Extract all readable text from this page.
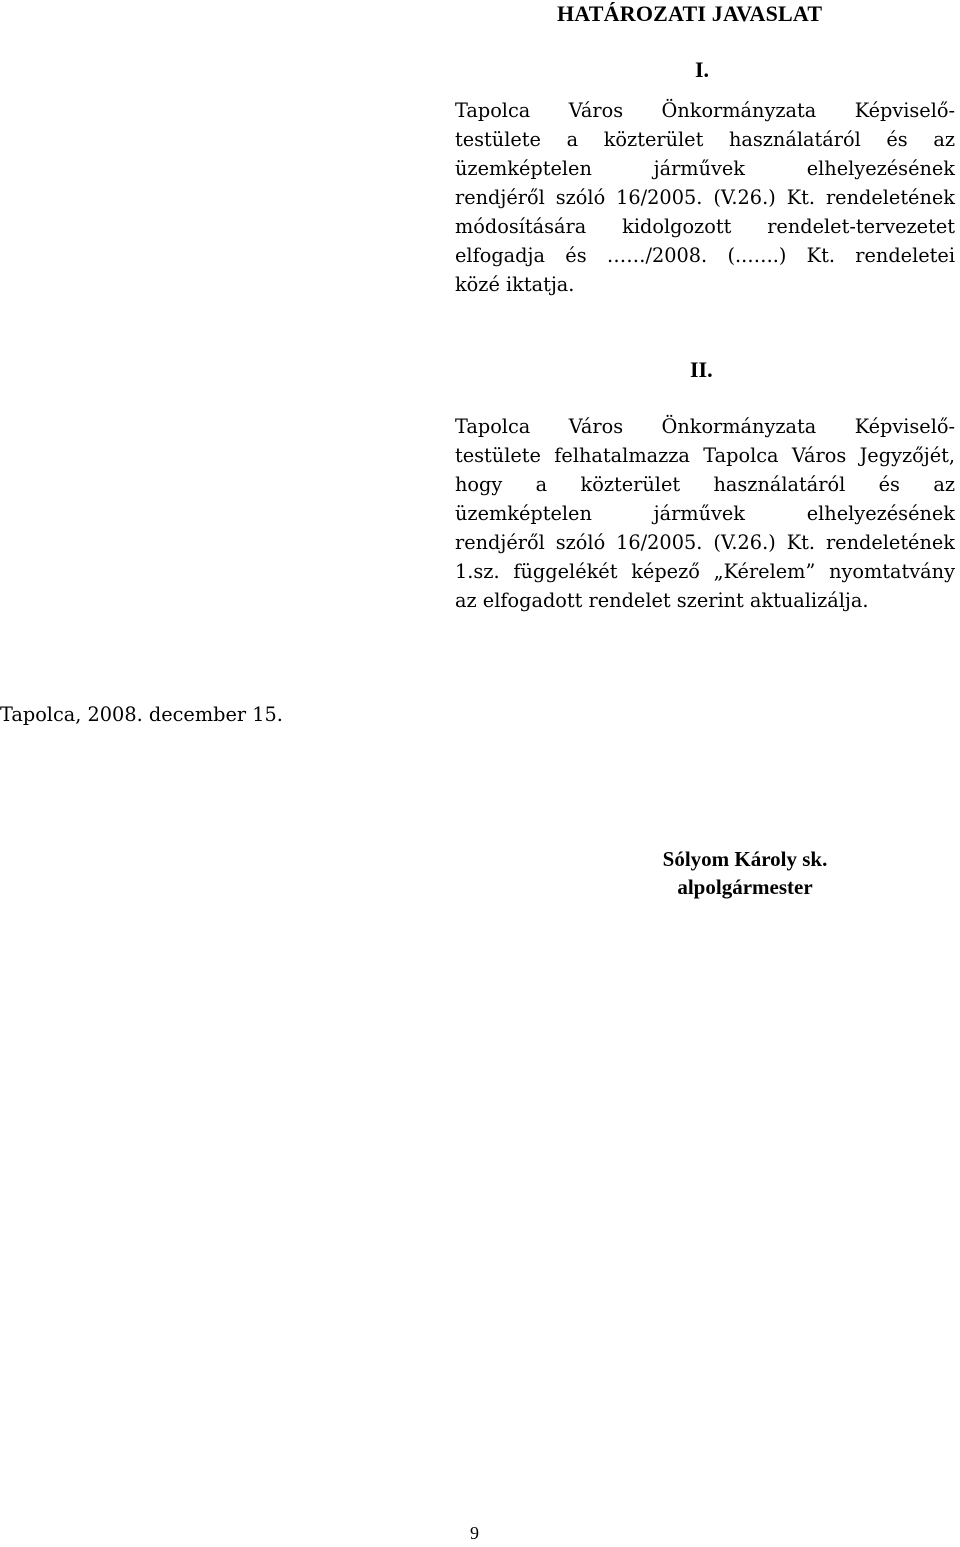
HATÁROZATI JAVASLAT
I.
Tapolca Város Önkormányzata Képviselő-
testülete a közterület használatáról és az
üzemképtelen járművek elhelyezésének
rendjéről szóló 16/2005. (V.26.) Kt. rendeletének
módosítására kidolgozott rendelet-tervezetet
elfogadja és ……/2008. (..…..) Kt. rendeletei
közé iktatja.
II.
Tapolca Város Önkormányzata Képviselő-
testülete felhatalmazza Tapolca Város Jegyzőjét,
hogy a közterület használatáról és az
üzemképtelen járművek elhelyezésének
rendjéről szóló 16/2005. (V.26.) Kt. rendeletének
1.sz. függelékét képező „Kérelem” nyomtatvány
az elfogadott rendelet szerint aktualizálja.
Tapolca, 2008. december 15.
Sólyom Károly sk.
alpolgármester
9
